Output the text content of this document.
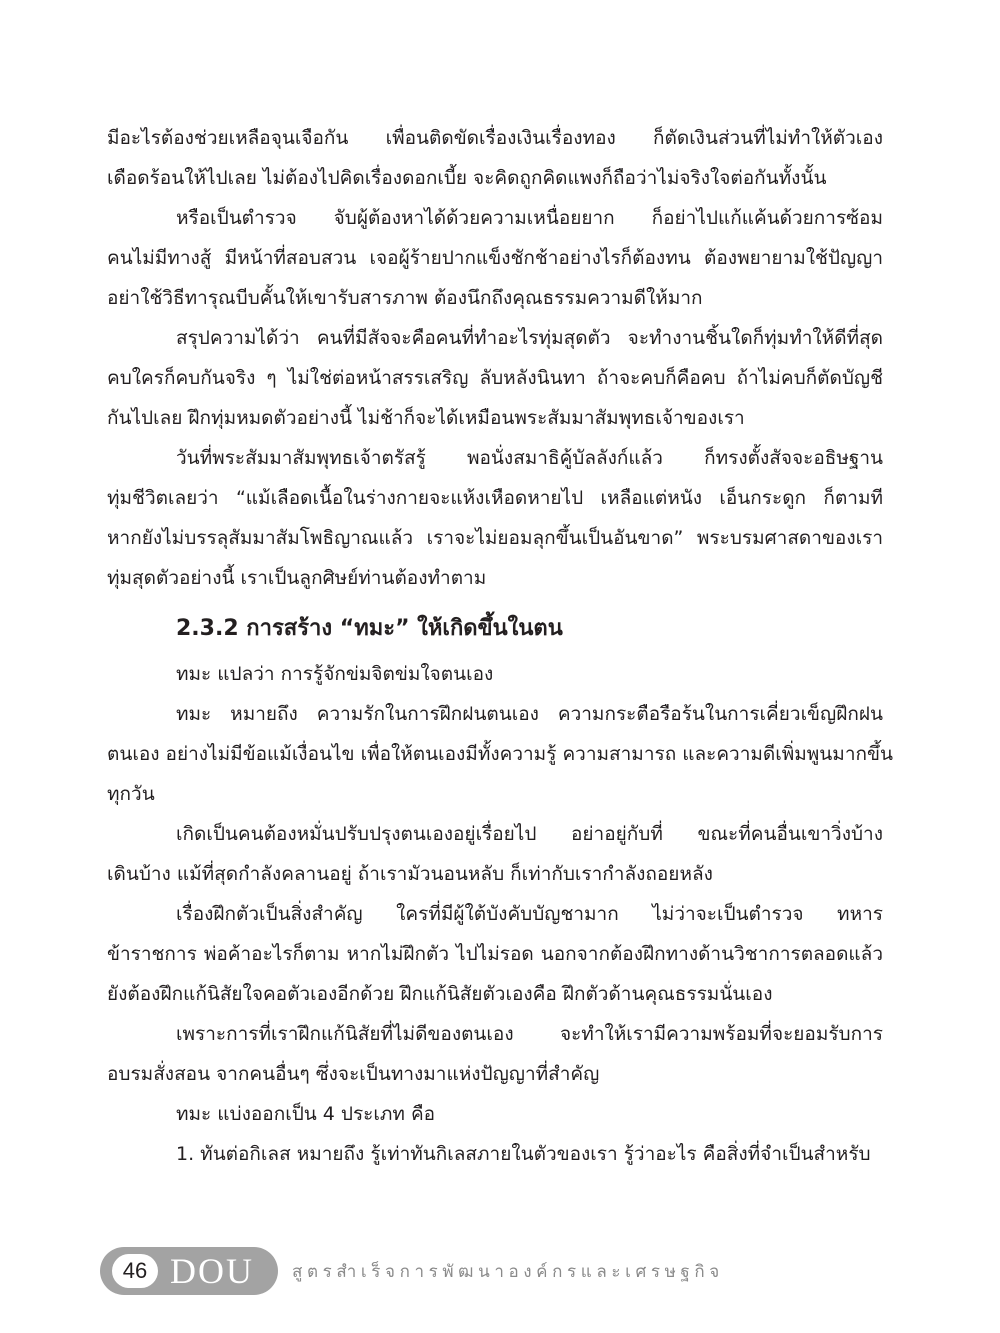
มีอะไรต้องช่วยเหลือจุนเจือกัน เพื่อนติดขัดเรื่องเงินเรื่องทอง ก็ตัดเงินส่วนที่ไม่ทำให้ตัวเอง
เดือดร้อนให้ไปเลย ไม่ต้องไปคิดเรื่องดอกเบี้ย จะคิดถูกคิดแพงก็ถือว่าไม่จริงใจต่อกันทั้งนั้น
หรือเป็นตำรวจ จับผู้ต้องหาได้ด้วยความเหนื่อยยาก ก็อย่าไปแก้แค้นด้วยการซ้อม
คนไม่มีทางสู้ มีหน้าที่สอบสวน เจอผู้ร้ายปากแข็งชักช้าอย่างไรก็ต้องทน ต้องพยายามใช้ปัญญา
อย่าใช้วิธีทารุณบีบคั้นให้เขารับสารภาพ ต้องนึกถึงคุณธรรมความดีให้มาก
สรุปความได้ว่า คนที่มีสัจจะคือคนที่ทำอะไรทุ่มสุดตัว จะทำงานชิ้นใดก็ทุ่มทำให้ดีที่สุด
คบใครก็คบกันจริง ๆ ไม่ใช่ต่อหน้าสรรเสริญ ลับหลังนินทา ถ้าจะคบก็คือคบ ถ้าไม่คบก็ตัดบัญชี
กันไปเลย ฝึกทุ่มหมดตัวอย่างนี้ ไม่ช้าก็จะได้เหมือนพระสัมมาสัมพุทธเจ้าของเรา
วันที่พระสัมมาสัมพุทธเจ้าตรัสรู้ พอนั่งสมาธิคู้บัลลังก์แล้ว ก็ทรงตั้งสัจจะอธิษฐาน
ทุ่มชีวิตเลยว่า “แม้เลือดเนื้อในร่างกายจะแห้งเหือดหายไป เหลือแต่หนัง เอ็นกระดูก ก็ตามที
หากยังไม่บรรลุสัมมาสัมโพธิญาณแล้ว เราจะไม่ยอมลุกขึ้นเป็นอันขาด” พระบรมศาสดาของเรา
ทุ่มสุดตัวอย่างนี้ เราเป็นลูกศิษย์ท่านต้องทำตาม
2.3.2 การสร้าง “ทมะ” ให้เกิดขึ้นในตน

ทมะ แปลว่า การรู้จักข่มจิตข่มใจตนเอง

ทมะ หมายถึง ความรักในการฝึกฝนตนเอง ความกระตือรือร้นในการเคี่ยวเข็ญฝึกฝน
ตนเอง อย่างไม่มีข้อแม้เงื่อนไข เพื่อให้ตนเองมีทั้งความรู้ ความสามารถ และความดีเพิ่มพูนมากขึ้น
ทุกวัน
เกิดเป็นคนต้องหมั่นปรับปรุงตนเองอยู่เรื่อยไป อย่าอยู่กับที่ ขณะที่คนอื่นเขาวิ่งบ้าง
เดินบ้าง แม้ที่สุดกำลังคลานอยู่ ถ้าเรามัวนอนหลับ ก็เท่ากับเรากำลังถอยหลัง
เรื่องฝึกตัวเป็นสิ่งสำคัญ ใครที่มีผู้ใต้บังคับบัญชามาก ไม่ว่าจะเป็นตำรวจ ทหาร
ข้าราชการ พ่อค้าอะไรก็ตาม หากไม่ฝึกตัว ไปไม่รอด นอกจากต้องฝึกทางด้านวิชาการตลอดแล้ว
ยังต้องฝึกแก้นิสัยใจคอตัวเองอีกด้วย ฝึกแก้นิสัยตัวเองคือ ฝึกตัวด้านคุณธรรมนั่นเอง
เพราะการที่เราฝึกแก้นิสัยที่ไม่ดีของตนเอง จะทำให้เรามีความพร้อมที่จะยอมรับการ
อบรมสั่งสอน จากคนอื่นๆ ซึ่งจะเป็นทางมาแห่งปัญญาที่สำคัญ

ทมะ แบ่งออกเป็น 4 ประเภท คือ

1. ทันต่อกิเลส หมายถึง รู้เท่าทันกิเลสภายในตัวของเรา รู้ว่าอะไร คือสิ่งที่จำเป็นสำหรับ

46 DOU สูตรสำเร็จการพัฒนาองค์กรและเศรษฐกิจ
